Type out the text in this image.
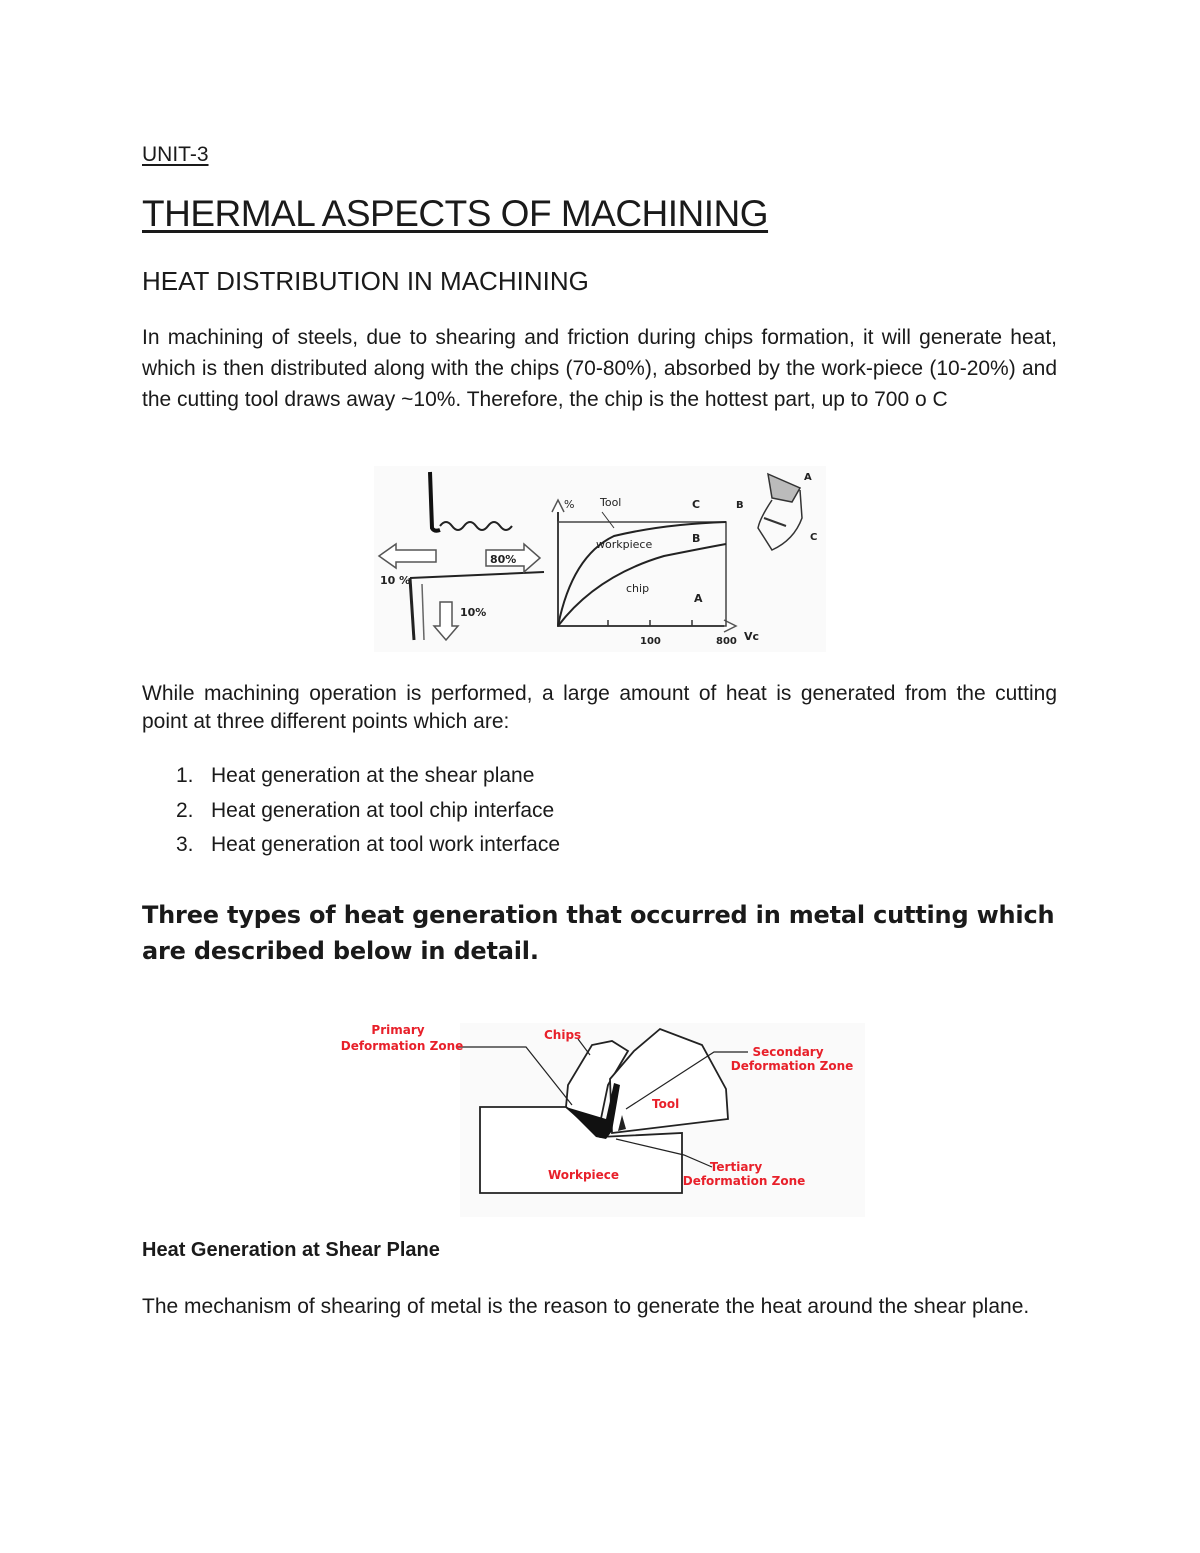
UNIT-3
THERMAL ASPECTS OF MACHINING
HEAT DISTRIBUTION IN MACHINING

In machining of steels, due to shearing and friction during chips formation, it will generate heat, which is then distributed along with the chips (70-80%), absorbed by the work-piece (10-20%) and the cutting tool draws away ~10%. Therefore, the chip is the hottest part, up to 700 o C

While machining operation is performed, a large amount of heat is generated from the cutting point at three different points which are:

1. Heat generation at the shear plane
2. Heat generation at tool chip interface
3. Heat generation at tool work interface

Three types of heat generation that occurred in metal cutting which are described below in detail.

Heat Generation at Shear Plane

The mechanism of shearing of metal is the reason to generate the heat around the shear plane.

10 %
80%
10%
% Tool	C
workpiece	B
chip
A
100	800 Vc
A
B
C
Primary
Deformation Zone
Chips
Secondary
Deformation Zone
Tool
Workpiece
Tertiary
Deformation Zone
